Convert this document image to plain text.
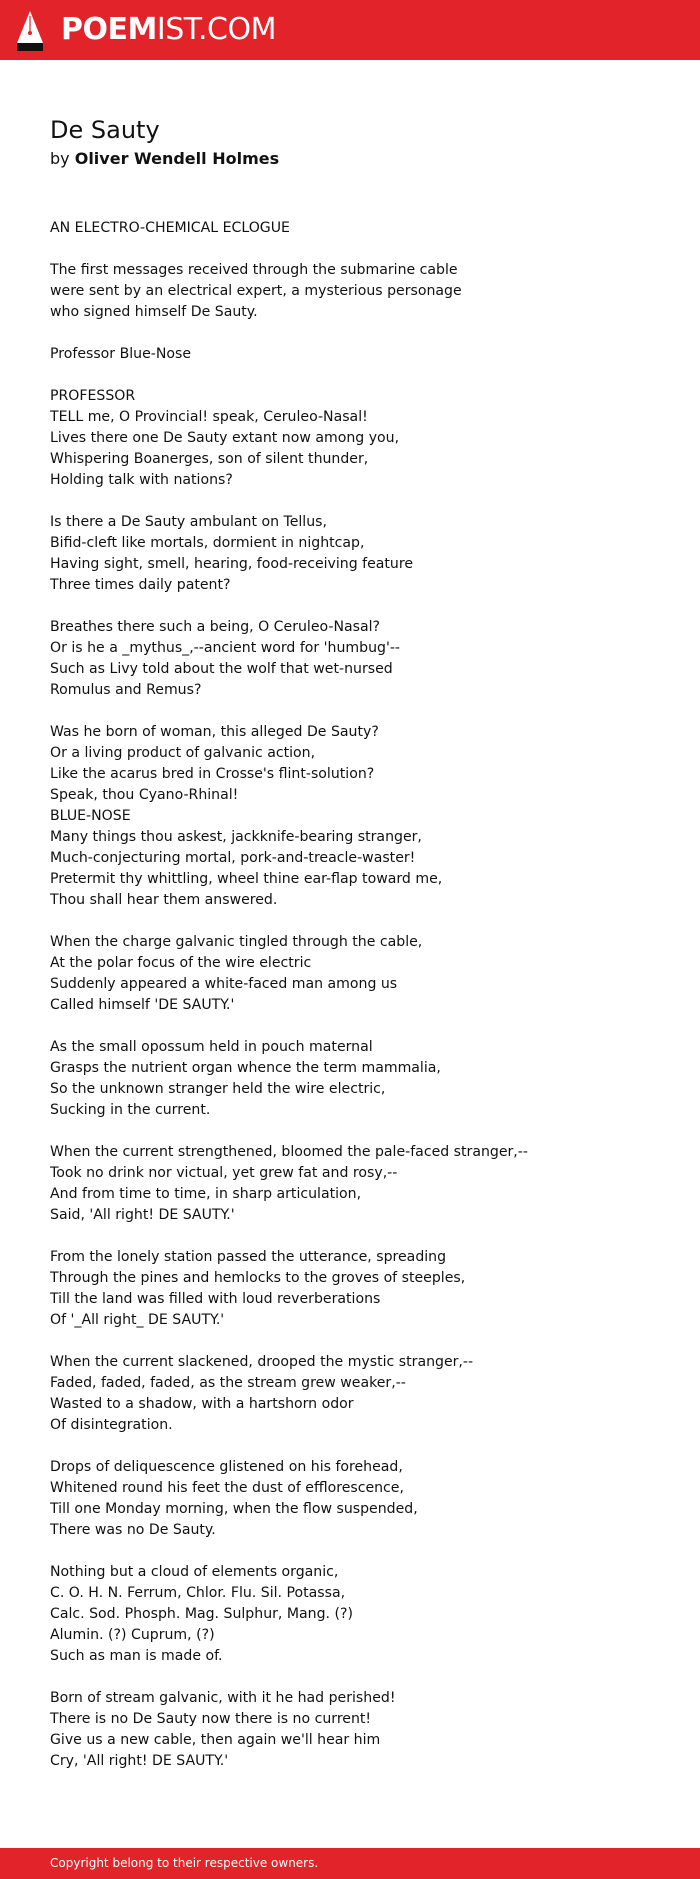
POEMIST.COM
De Sauty
by Oliver Wendell Holmes
AN ELECTRO-CHEMICAL ECLOGUE
The first messages received through the submarine cable
were sent by an electrical expert, a mysterious personage
who signed himself De Sauty.
Professor Blue-Nose
PROFESSOR
TELL me, O Provincial! speak, Ceruleo-Nasal!
Lives there one De Sauty extant now among you,
Whispering Boanerges, son of silent thunder,
Holding talk with nations?
Is there a De Sauty ambulant on Tellus,
Bifid-cleft like mortals, dormient in nightcap,
Having sight, smell, hearing, food-receiving feature
Three times daily patent?
Breathes there such a being, O Ceruleo-Nasal?
Or is he a _mythus_,--ancient word for 'humbug'--
Such as Livy told about the wolf that wet-nursed
Romulus and Remus?
Was he born of woman, this alleged De Sauty?
Or a living product of galvanic action,
Like the acarus bred in Crosse's flint-solution?
Speak, thou Cyano-Rhinal!
BLUE-NOSE
Many things thou askest, jackknife-bearing stranger,
Much-conjecturing mortal, pork-and-treacle-waster!
Pretermit thy whittling, wheel thine ear-flap toward me,
Thou shall hear them answered.
When the charge galvanic tingled through the cable,
At the polar focus of the wire electric
Suddenly appeared a white-faced man among us
Called himself 'DE SAUTY.'
As the small opossum held in pouch maternal
Grasps the nutrient organ whence the term mammalia,
So the unknown stranger held the wire electric,
Sucking in the current.
When the current strengthened, bloomed the pale-faced stranger,--
Took no drink nor victual, yet grew fat and rosy,--
And from time to time, in sharp articulation,
Said, 'All right! DE SAUTY.'
From the lonely station passed the utterance, spreading
Through the pines and hemlocks to the groves of steeples,
Till the land was filled with loud reverberations
Of '_All right_ DE SAUTY.'
When the current slackened, drooped the mystic stranger,--
Faded, faded, faded, as the stream grew weaker,--
Wasted to a shadow, with a hartshorn odor
Of disintegration.
Drops of deliquescence glistened on his forehead,
Whitened round his feet the dust of efflorescence,
Till one Monday morning, when the flow suspended,
There was no De Sauty.
Nothing but a cloud of elements organic,
C. O. H. N. Ferrum, Chlor. Flu. Sil. Potassa,
Calc. Sod. Phosph. Mag. Sulphur, Mang. (?)
Alumin. (?) Cuprum, (?)
Such as man is made of.
Born of stream galvanic, with it he had perished!
There is no De Sauty now there is no current!
Give us a new cable, then again we'll hear him
Cry, 'All right! DE SAUTY.'
Copyright belong to their respective owners.
